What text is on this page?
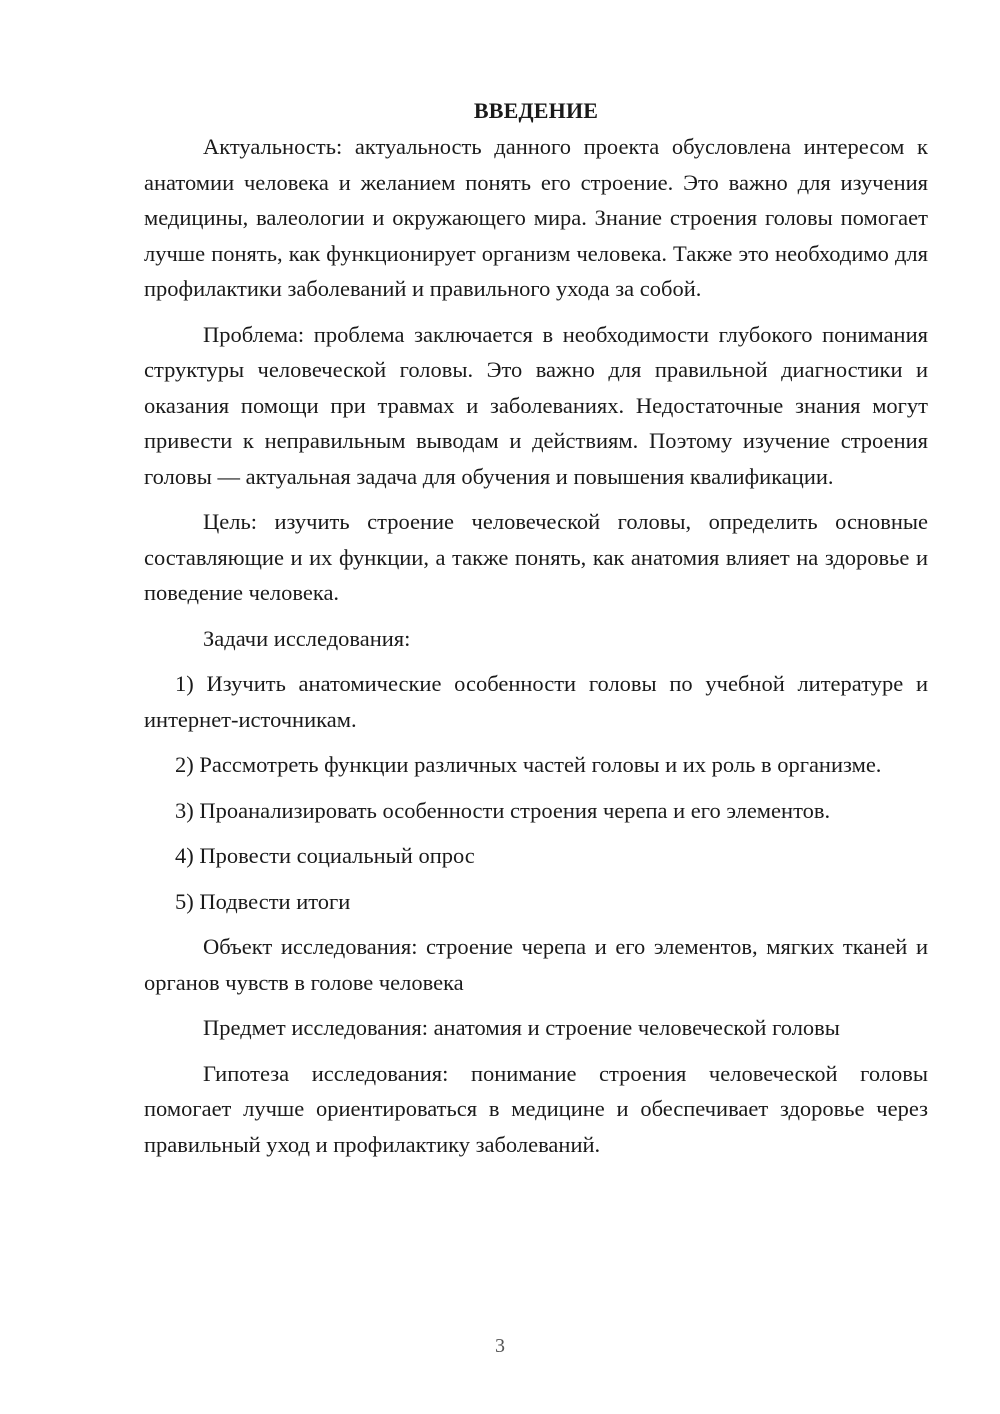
ВВЕДЕНИЕ

Актуальность: актуальность данного проекта обусловлена интересом к анатомии человека и желанием понять его строение. Это важно для изучения медицины, валеологии и окружающего мира. Знание строения головы помогает лучше понять, как функционирует организм человека. Также это необходимо для профилактики заболеваний и правильного ухода за собой.

Проблема: проблема заключается в необходимости глубокого понимания структуры человеческой головы. Это важно для правильной диагностики и оказания помощи при травмах и заболеваниях. Недостаточные знания могут привести к неправильным выводам и действиям. Поэтому изучение строения головы — актуальная задача для обучения и повышения квалификации.

Цель: изучить строение человеческой головы, определить основные составляющие и их функции, а также понять, как анатомия влияет на здоровье и поведение человека.

Задачи исследования:

1) Изучить анатомические особенности головы по учебной литературе и интернет-источникам.

2) Рассмотреть функции различных частей головы и их роль в организме.

3) Проанализировать особенности строения черепа и его элементов.

4) Провести социальный опрос

5) Подвести итоги

Объект исследования: строение черепа и его элементов, мягких тканей и органов чувств в голове человека

Предмет исследования: анатомия и строение человеческой головы

Гипотеза исследования: понимание строения человеческой головы помогает лучше ориентироваться в медицине и обеспечивает здоровье через правильный уход и профилактику заболеваний.

3
